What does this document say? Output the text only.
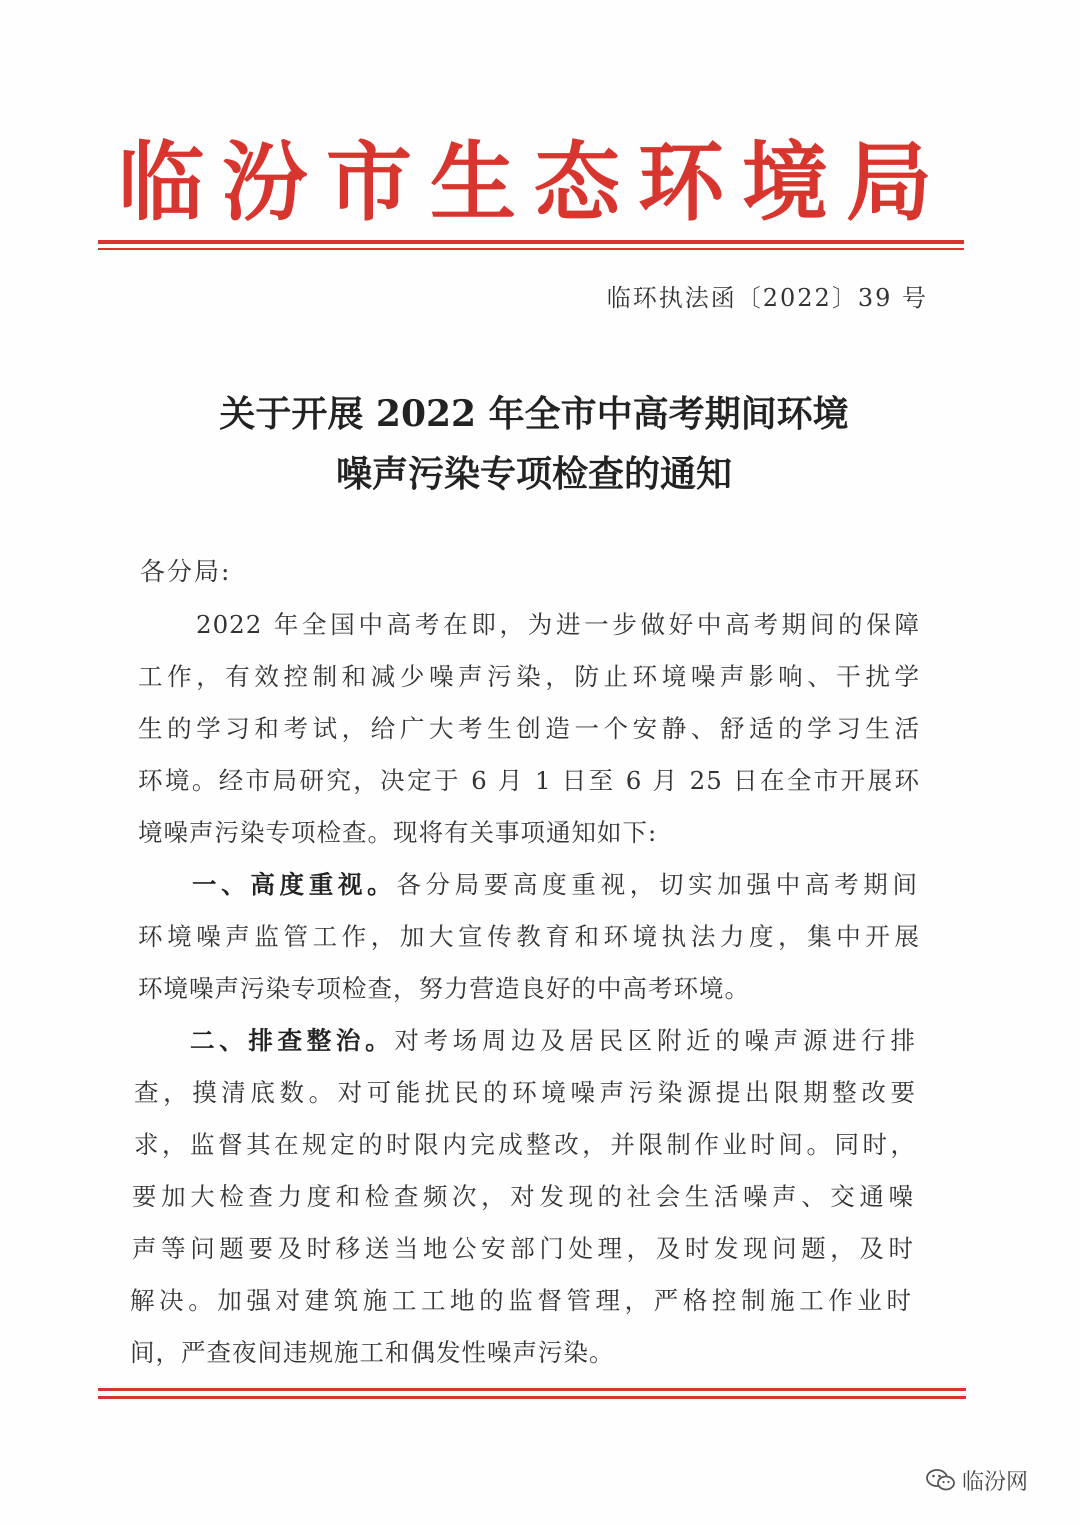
临汾市生态环境局
临环执法函〔2022〕39 号
关于开展 2022 年全市中高考期间环境
噪声污染专项检查的通知
各分局:
2022 年全国中高考在即，为进一步做好中高考期间的保障
工作，有效控制和减少噪声污染，防止环境噪声影响、干扰学
生的学习和考试，给广大考生创造一个安静、舒适的学习生活
环境。经市局研究，决定于 6 月 1 日至 6 月 25 日在全市开展环
境噪声污染专项检查。现将有关事项通知如下:
一、高度重视。各分局要高度重视，切实加强中高考期间
环境噪声监管工作，加大宣传教育和环境执法力度，集中开展
环境噪声污染专项检查，努力营造良好的中高考环境。
二、排查整治。对考场周边及居民区附近的噪声源进行排
查，摸清底数。对可能扰民的环境噪声污染源提出限期整改要
求，监督其在规定的时限内完成整改，并限制作业时间。同时，
要加大检查力度和检查频次，对发现的社会生活噪声、交通噪
声等问题要及时移送当地公安部门处理，及时发现问题，及时
解决。加强对建筑施工工地的监督管理，严格控制施工作业时
间，严查夜间违规施工和偶发性噪声污染。
临汾网
